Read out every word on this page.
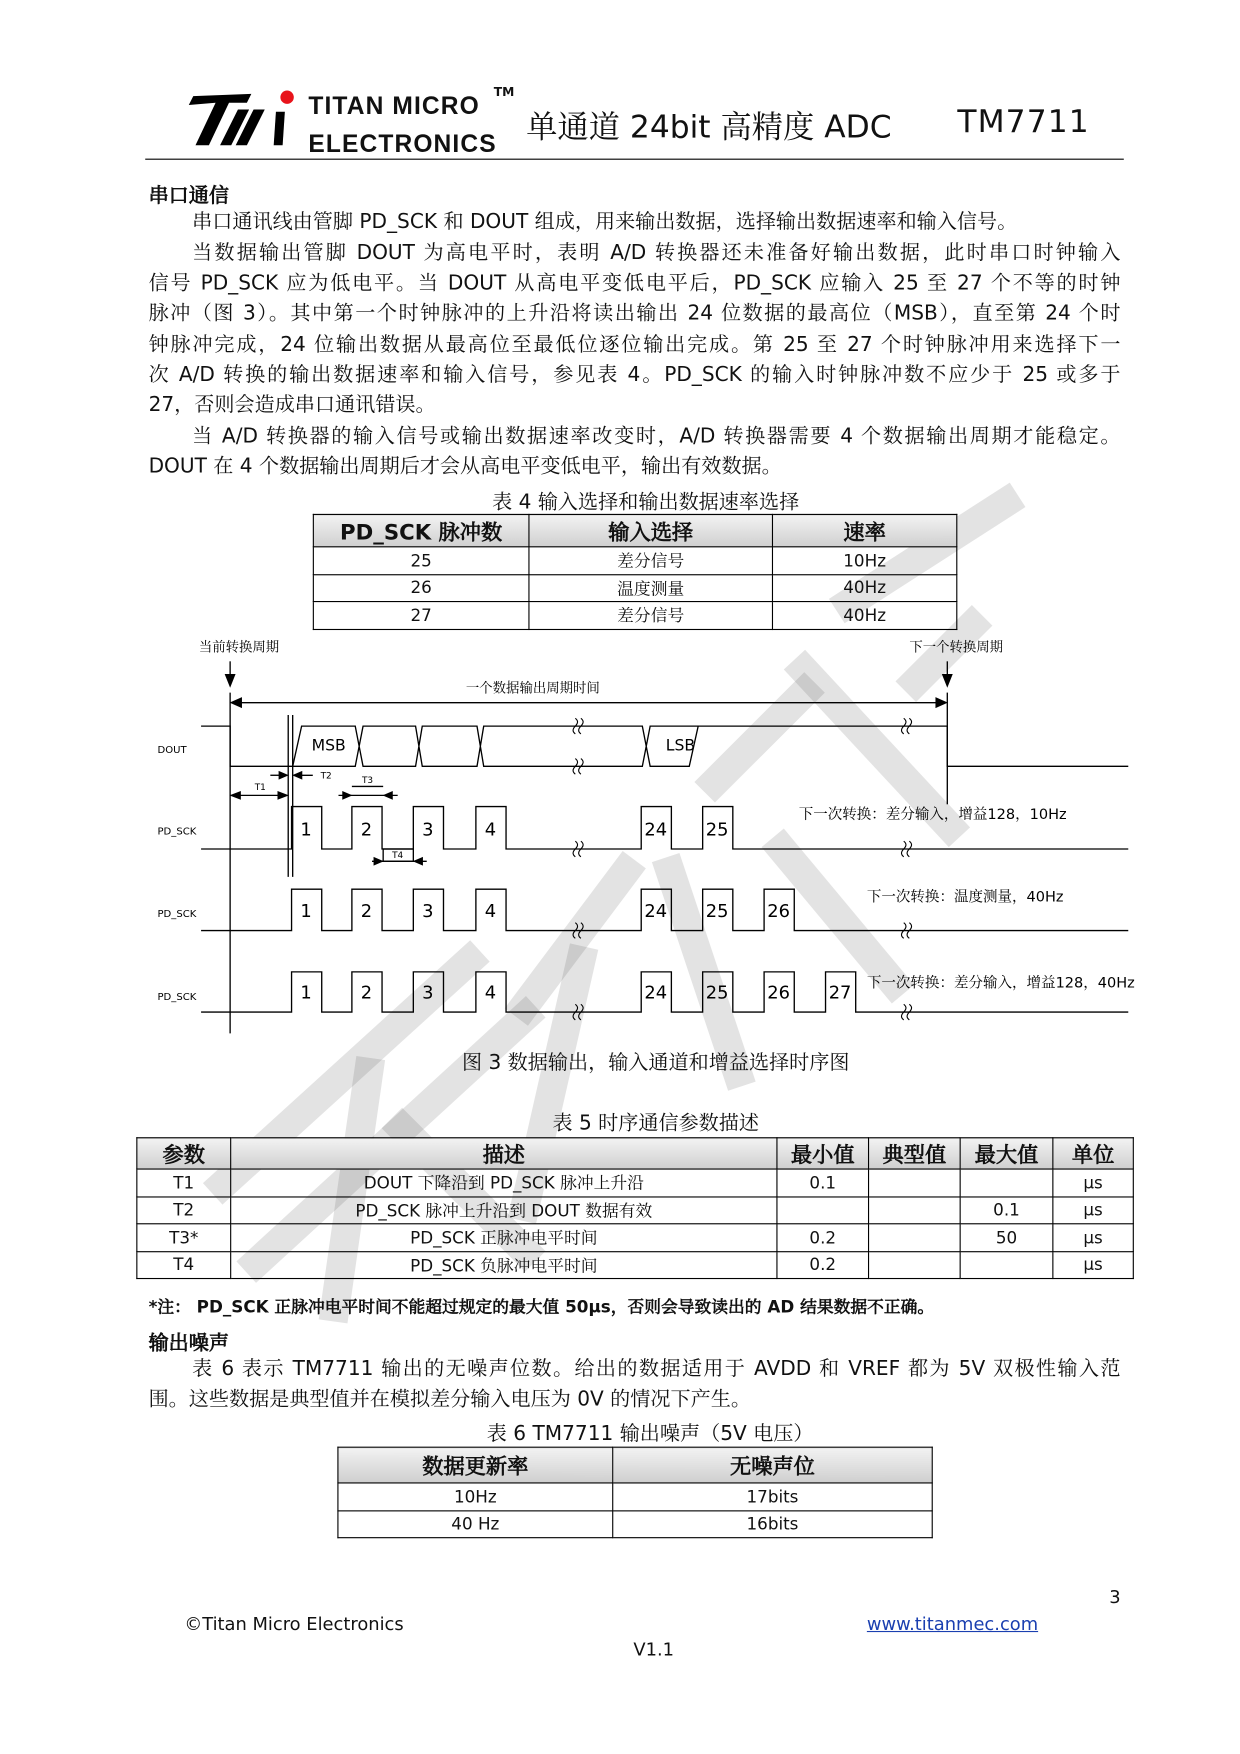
TITAN MICRO TM
ELECTRONICS 单通道 24bit 高精度 ADC TM7711
串口通信
串口通讯线由管脚 PD_SCK 和 DOUT 组成，用来输出数据，选择输出数据速率和输入信号。
当数据输出管脚 DOUT 为高电平时，表明 A/D 转换器还未准备好输出数据，此时串口时钟输入
信号 PD_SCK 应为低电平。当 DOUT 从高电平变低电平后，PD_SCK 应输入 25 至 27 个不等的时钟
脉冲（图 3）。其中第一个时钟脉冲的上升沿将读出输出 24 位数据的最高位（MSB），直至第 24 个时
钟脉冲完成，24 位输出数据从最高位至最低位逐位输出完成。第 25 至 27 个时钟脉冲用来选择下一
次 A/D 转换的输出数据速率和输入信号，参见表 4。PD_SCK 的输入时钟脉冲数不应少于 25 或多于
27，否则会造成串口通讯错误。
当 A/D 转换器的输入信号或输出数据速率改变时，A/D 转换器需要 4 个数据输出周期才能稳定。
DOUT 在 4 个数据输出周期后才会从高电平变低电平，输出有效数据。
表 4 输入选择和输出数据速率选择
PD_SCK 脉冲数	输入选择	速率
25	差分信号	10Hz
26	温度测量	40Hz
27	差分信号	40Hz
1	2	3	4	24 25
1	2	3	4	24 25 26
1	2	3	4	24 25 26 27
当前转换周期	下一个转换周期
一个数据输出周期时间
DOUT
PD_SCK
PD_SCK
PD_SCK
MSB	LSB
T1
T2	T3
T4
下一次转换：差分输入，增益128，10Hz
下一次转换：温度测量，40Hz
下一次转换：差分输入，增益128，40Hz
图 3 数据输出，输入通道和增益选择时序图
表 5 时序通信参数描述
参数	描述	最小值	典型值	最大值	单位
T1	DOUT 下降沿到 PD_SCK 脉冲上升沿	0.1			μs
T2	PD_SCK 脉冲上升沿到 DOUT 数据有效			0.1	μs
T3*	PD_SCK 正脉冲电平时间	0.2		50	μs
T4	PD_SCK 负脉冲电平时间	0.2			μs
*注： PD_SCK 正脉冲电平时间不能超过规定的最大值 50μs，否则会导致读出的 AD 结果数据不正确。
输出噪声
表 6 表示 TM7711 输出的无噪声位数。给出的数据适用于 AVDD 和 VREF 都为 5V 双极性输入范
围。这些数据是典型值并在模拟差分输入电压为 0V 的情况下产生。
表 6 TM7711 输出噪声（5V 电压）
数据更新率	无噪声位
10Hz	17bits
40 Hz	16bits
3
©Titan Micro Electronics	www.titanmec.com
V1.1
